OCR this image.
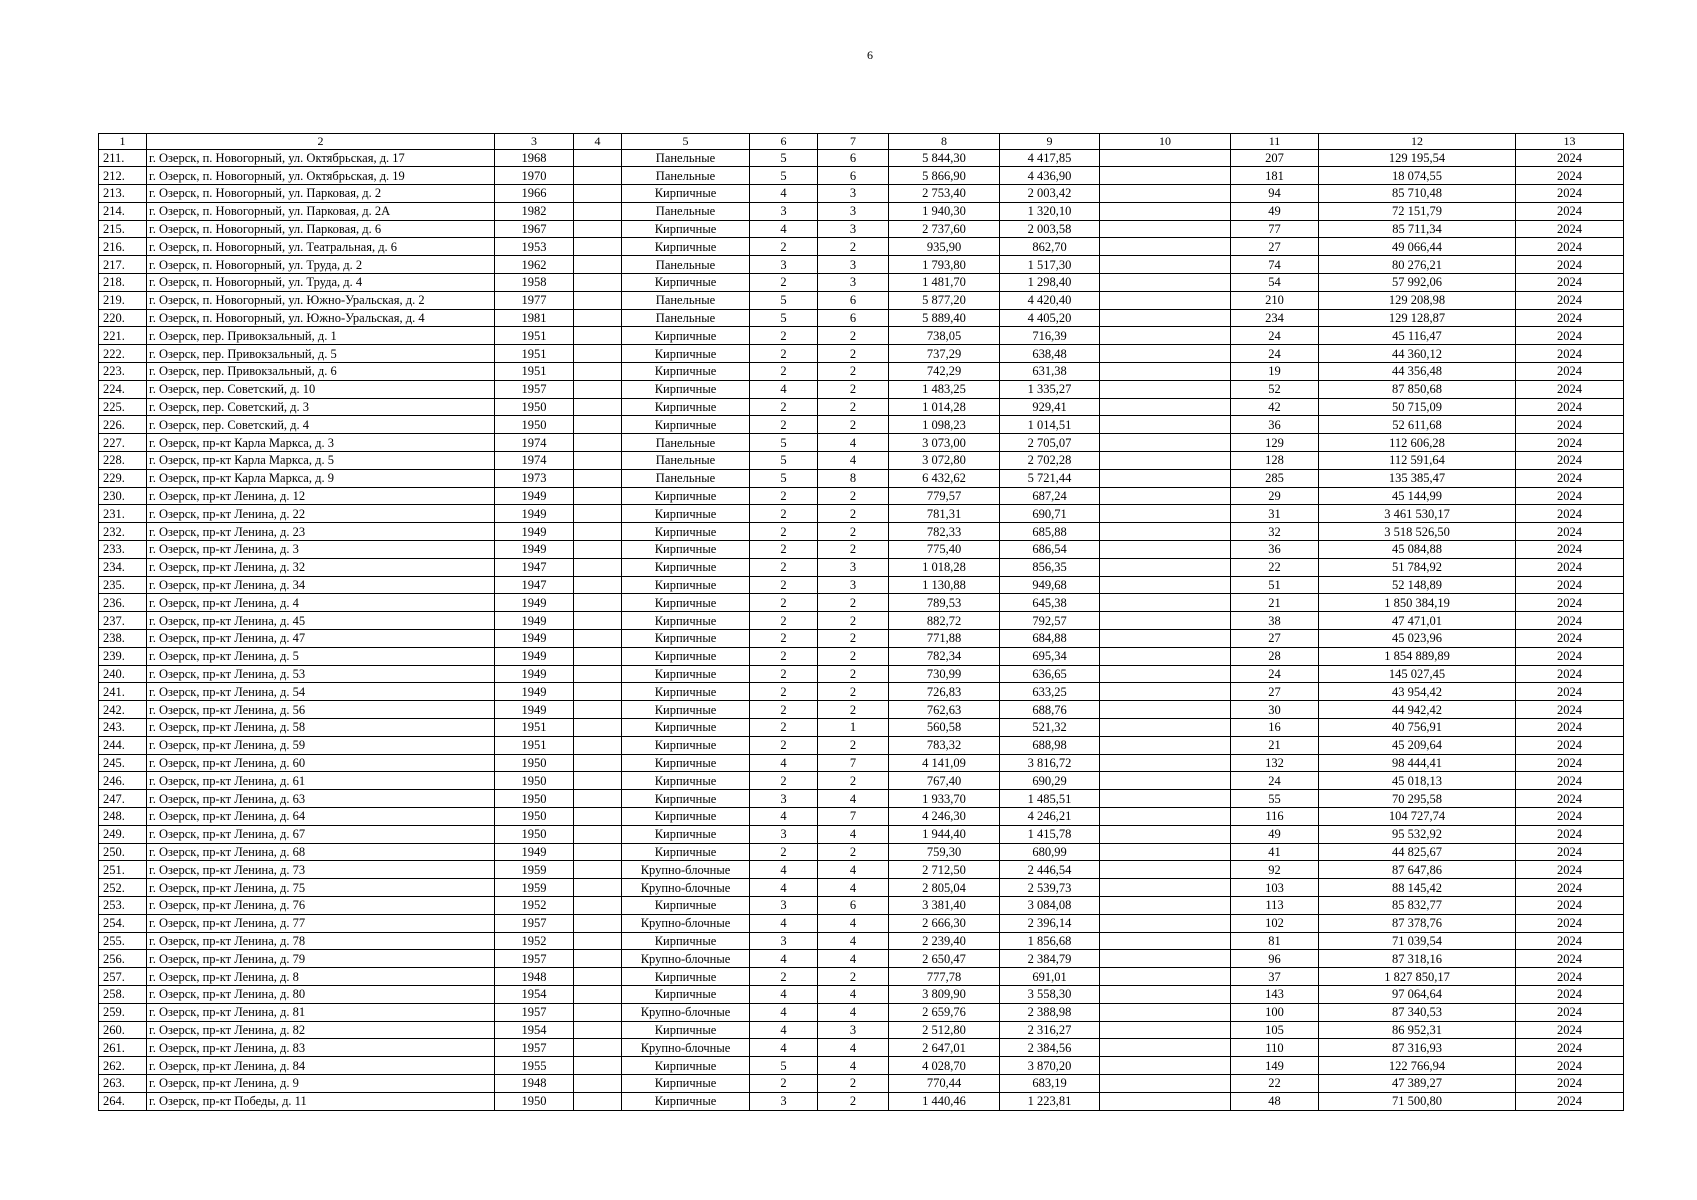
6
1	2	3	4	5	6	7	8	9	10	11	12	13
211.	г. Озерск, п. Новогорный, ул. Октябрьская, д. 17	1968		Панельные	5	6	5 844,30	4 417,85		207	129 195,54	2024
212.	г. Озерск, п. Новогорный, ул. Октябрьская, д. 19	1970		Панельные	5	6	5 866,90	4 436,90		181	18 074,55	2024
213.	г. Озерск, п. Новогорный, ул. Парковая, д. 2	1966		Кирпичные	4	3	2 753,40	2 003,42		94	85 710,48	2024
214.	г. Озерск, п. Новогорный, ул. Парковая, д. 2А	1982		Панельные	3	3	1 940,30	1 320,10		49	72 151,79	2024
215.	г. Озерск, п. Новогорный, ул. Парковая, д. 6	1967		Кирпичные	4	3	2 737,60	2 003,58		77	85 711,34	2024
216.	г. Озерск, п. Новогорный, ул. Театральная, д. 6	1953		Кирпичные	2	2	935,90	862,70		27	49 066,44	2024
217.	г. Озерск, п. Новогорный, ул. Труда, д. 2	1962		Панельные	3	3	1 793,80	1 517,30		74	80 276,21	2024
218.	г. Озерск, п. Новогорный, ул. Труда, д. 4	1958		Кирпичные	2	3	1 481,70	1 298,40		54	57 992,06	2024
219.	г. Озерск, п. Новогорный, ул. Южно-Уральская, д. 2	1977		Панельные	5	6	5 877,20	4 420,40		210	129 208,98	2024
220.	г. Озерск, п. Новогорный, ул. Южно-Уральская, д. 4	1981		Панельные	5	6	5 889,40	4 405,20		234	129 128,87	2024
221.	г. Озерск, пер. Привокзальный, д. 1	1951		Кирпичные	2	2	738,05	716,39		24	45 116,47	2024
222.	г. Озерск, пер. Привокзальный, д. 5	1951		Кирпичные	2	2	737,29	638,48		24	44 360,12	2024
223.	г. Озерск, пер. Привокзальный, д. 6	1951		Кирпичные	2	2	742,29	631,38		19	44 356,48	2024
224.	г. Озерск, пер. Советский, д. 10	1957		Кирпичные	4	2	1 483,25	1 335,27		52	87 850,68	2024
225.	г. Озерск, пер. Советский, д. 3	1950		Кирпичные	2	2	1 014,28	929,41		42	50 715,09	2024
226.	г. Озерск, пер. Советский, д. 4	1950		Кирпичные	2	2	1 098,23	1 014,51		36	52 611,68	2024
227.	г. Озерск, пр-кт Карла Маркса, д. 3	1974		Панельные	5	4	3 073,00	2 705,07		129	112 606,28	2024
228.	г. Озерск, пр-кт Карла Маркса, д. 5	1974		Панельные	5	4	3 072,80	2 702,28		128	112 591,64	2024
229.	г. Озерск, пр-кт Карла Маркса, д. 9	1973		Панельные	5	8	6 432,62	5 721,44		285	135 385,47	2024
230.	г. Озерск, пр-кт Ленина, д. 12	1949		Кирпичные	2	2	779,57	687,24		29	45 144,99	2024
231.	г. Озерск, пр-кт Ленина, д. 22	1949		Кирпичные	2	2	781,31	690,71		31	3 461 530,17	2024
232.	г. Озерск, пр-кт Ленина, д. 23	1949		Кирпичные	2	2	782,33	685,88		32	3 518 526,50	2024
233.	г. Озерск, пр-кт Ленина, д. 3	1949		Кирпичные	2	2	775,40	686,54		36	45 084,88	2024
234.	г. Озерск, пр-кт Ленина, д. 32	1947		Кирпичные	2	3	1 018,28	856,35		22	51 784,92	2024
235.	г. Озерск, пр-кт Ленина, д. 34	1947		Кирпичные	2	3	1 130,88	949,68		51	52 148,89	2024
236.	г. Озерск, пр-кт Ленина, д. 4	1949		Кирпичные	2	2	789,53	645,38		21	1 850 384,19	2024
237.	г. Озерск, пр-кт Ленина, д. 45	1949		Кирпичные	2	2	882,72	792,57		38	47 471,01	2024
238.	г. Озерск, пр-кт Ленина, д. 47	1949		Кирпичные	2	2	771,88	684,88		27	45 023,96	2024
239.	г. Озерск, пр-кт Ленина, д. 5	1949		Кирпичные	2	2	782,34	695,34		28	1 854 889,89	2024
240.	г. Озерск, пр-кт Ленина, д. 53	1949		Кирпичные	2	2	730,99	636,65		24	145 027,45	2024
241.	г. Озерск, пр-кт Ленина, д. 54	1949		Кирпичные	2	2	726,83	633,25		27	43 954,42	2024
242.	г. Озерск, пр-кт Ленина, д. 56	1949		Кирпичные	2	2	762,63	688,76		30	44 942,42	2024
243.	г. Озерск, пр-кт Ленина, д. 58	1951		Кирпичные	2	1	560,58	521,32		16	40 756,91	2024
244.	г. Озерск, пр-кт Ленина, д. 59	1951		Кирпичные	2	2	783,32	688,98		21	45 209,64	2024
245.	г. Озерск, пр-кт Ленина, д. 60	1950		Кирпичные	4	7	4 141,09	3 816,72		132	98 444,41	2024
246.	г. Озерск, пр-кт Ленина, д. 61	1950		Кирпичные	2	2	767,40	690,29		24	45 018,13	2024
247.	г. Озерск, пр-кт Ленина, д. 63	1950		Кирпичные	3	4	1 933,70	1 485,51		55	70 295,58	2024
248.	г. Озерск, пр-кт Ленина, д. 64	1950		Кирпичные	4	7	4 246,30	4 246,21		116	104 727,74	2024
249.	г. Озерск, пр-кт Ленина, д. 67	1950		Кирпичные	3	4	1 944,40	1 415,78		49	95 532,92	2024
250.	г. Озерск, пр-кт Ленина, д. 68	1949		Кирпичные	2	2	759,30	680,99		41	44 825,67	2024
251.	г. Озерск, пр-кт Ленина, д. 73	1959		Крупно-блочные	4	4	2 712,50	2 446,54		92	87 647,86	2024
252.	г. Озерск, пр-кт Ленина, д. 75	1959		Крупно-блочные	4	4	2 805,04	2 539,73		103	88 145,42	2024
253.	г. Озерск, пр-кт Ленина, д. 76	1952		Кирпичные	3	6	3 381,40	3 084,08		113	85 832,77	2024
254.	г. Озерск, пр-кт Ленина, д. 77	1957		Крупно-блочные	4	4	2 666,30	2 396,14		102	87 378,76	2024
255.	г. Озерск, пр-кт Ленина, д. 78	1952		Кирпичные	3	4	2 239,40	1 856,68		81	71 039,54	2024
256.	г. Озерск, пр-кт Ленина, д. 79	1957		Крупно-блочные	4	4	2 650,47	2 384,79		96	87 318,16	2024
257.	г. Озерск, пр-кт Ленина, д. 8	1948		Кирпичные	2	2	777,78	691,01		37	1 827 850,17	2024
258.	г. Озерск, пр-кт Ленина, д. 80	1954		Кирпичные	4	4	3 809,90	3 558,30		143	97 064,64	2024
259.	г. Озерск, пр-кт Ленина, д. 81	1957		Крупно-блочные	4	4	2 659,76	2 388,98		100	87 340,53	2024
260.	г. Озерск, пр-кт Ленина, д. 82	1954		Кирпичные	4	3	2 512,80	2 316,27		105	86 952,31	2024
261.	г. Озерск, пр-кт Ленина, д. 83	1957		Крупно-блочные	4	4	2 647,01	2 384,56		110	87 316,93	2024
262.	г. Озерск, пр-кт Ленина, д. 84	1955		Кирпичные	5	4	4 028,70	3 870,20		149	122 766,94	2024
263.	г. Озерск, пр-кт Ленина, д. 9	1948		Кирпичные	2	2	770,44	683,19		22	47 389,27	2024
264.	г. Озерск, пр-кт Победы, д. 11	1950		Кирпичные	3	2	1 440,46	1 223,81		48	71 500,80	2024
